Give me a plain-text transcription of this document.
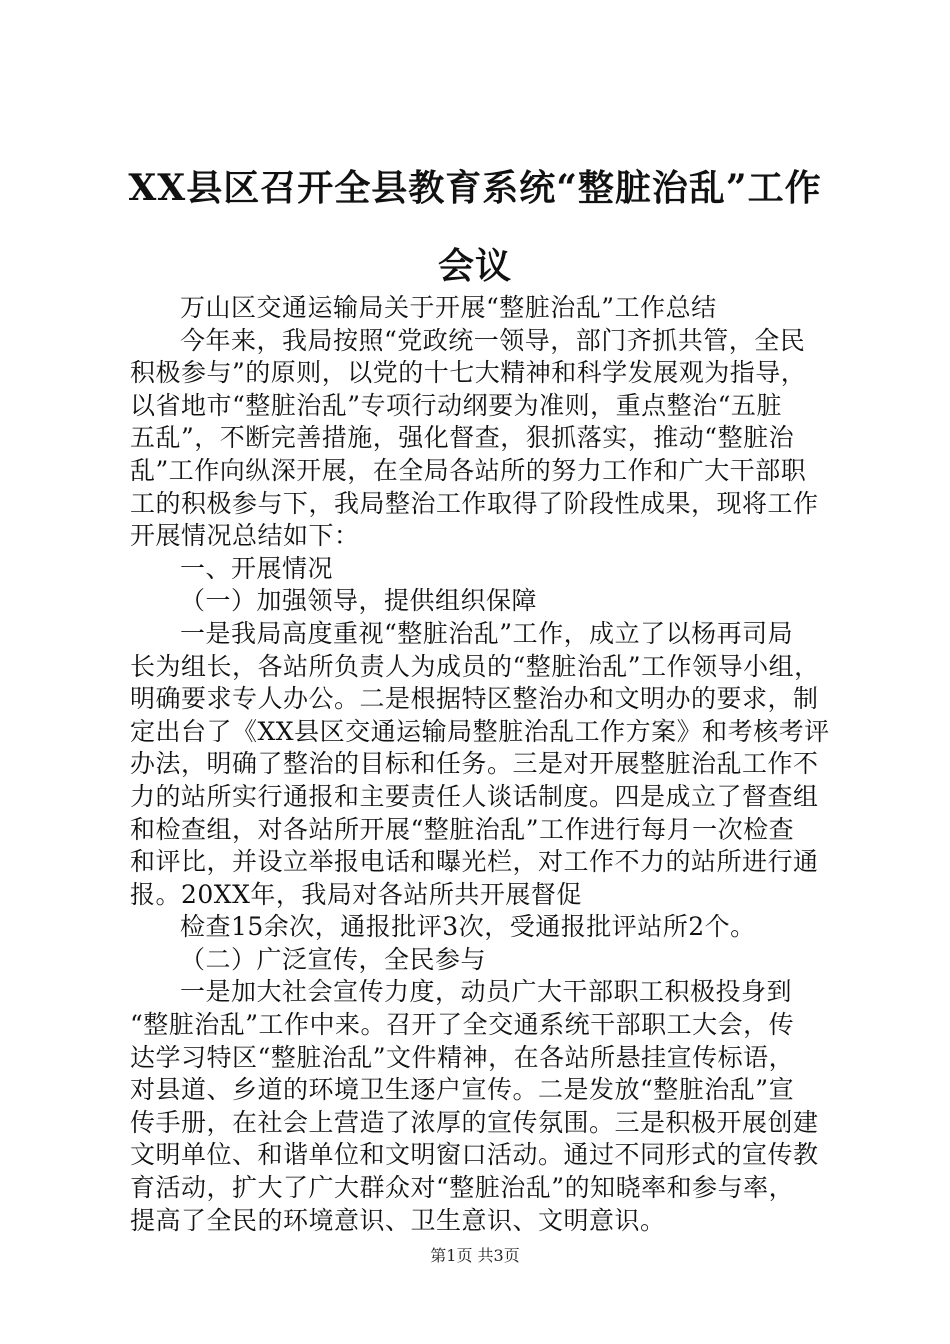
XX县区召开全县教育系统“整脏治乱”工作
会议
万山区交通运输局关于开展“整脏治乱”工作总结
今年来，我局按照“党政统一领导，部门齐抓共管，全民
积极参与”的原则，以党的十七大精神和科学发展观为指导，
以省地市“整脏治乱”专项行动纲要为准则，重点整治“五脏
五乱”，不断完善措施，强化督查，狠抓落实，推动“整脏治
乱”工作向纵深开展，在全局各站所的努力工作和广大干部职
工的积极参与下，我局整治工作取得了阶段性成果，现将工作
开展情况总结如下：
一、开展情况
（一）加强领导，提供组织保障
一是我局高度重视“整脏治乱”工作，成立了以杨再司局
长为组长，各站所负责人为成员的“整脏治乱”工作领导小组，
明确要求专人办公。二是根据特区整治办和文明办的要求，制
定出台了《XX县区交通运输局整脏治乱工作方案》和考核考评
办法，明确了整治的目标和任务。三是对开展整脏治乱工作不
力的站所实行通报和主要责任人谈话制度。四是成立了督查组
和检查组，对各站所开展“整脏治乱”工作进行每月一次检查
和评比，并设立举报电话和曝光栏，对工作不力的站所进行通
报。20XX年，我局对各站所共开展督促
检查15余次，通报批评3次，受通报批评站所2个。
（二）广泛宣传，全民参与
一是加大社会宣传力度，动员广大干部职工积极投身到
“整脏治乱”工作中来。召开了全交通系统干部职工大会，传
达学习特区“整脏治乱”文件精神，在各站所悬挂宣传标语，
对县道、乡道的环境卫生逐户宣传。二是发放“整脏治乱”宣
传手册，在社会上营造了浓厚的宣传氛围。三是积极开展创建
文明单位、和谐单位和文明窗口活动。通过不同形式的宣传教
育活动，扩大了广大群众对“整脏治乱”的知晓率和参与率，
提高了全民的环境意识、卫生意识、文明意识。
第1页 共3页
